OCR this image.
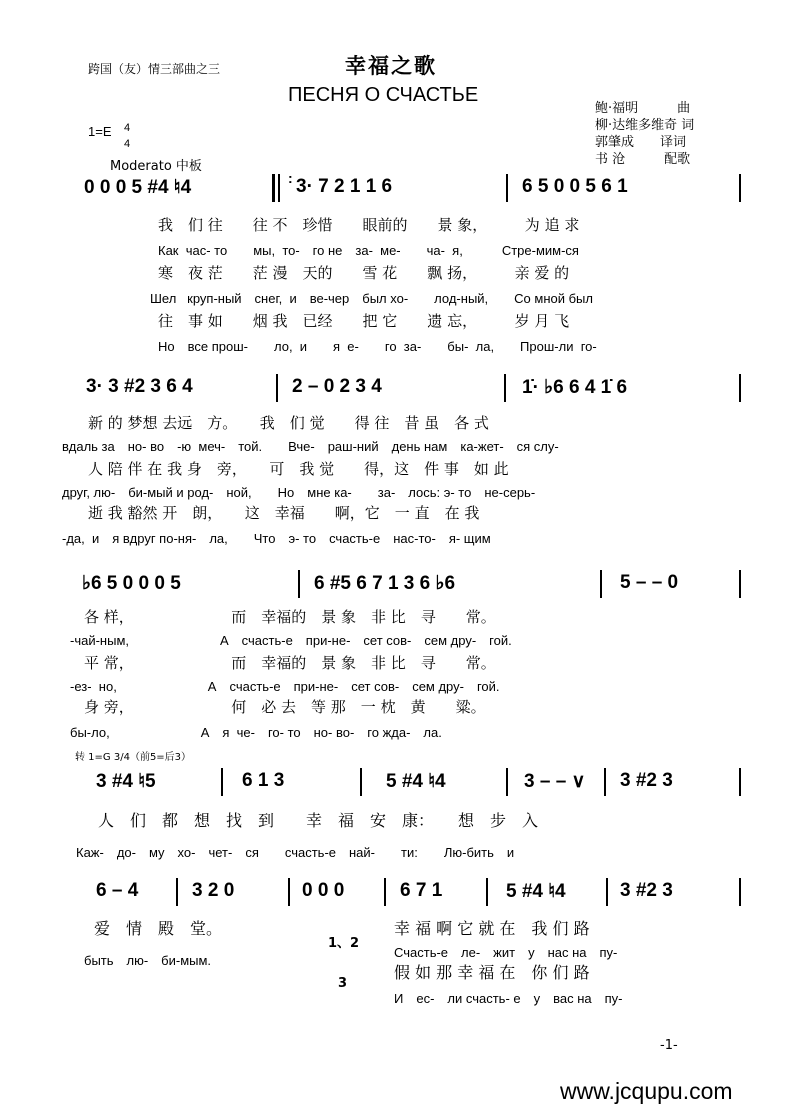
跨国（友）情三部曲之三	幸福之歌
ПЕСНЯ О СЧАСТЬЕ
鲍·福明　　　曲
柳·达维多维奇 词
郭肇成　　译词
书 沧　　　配歌
1=E 4
4
Moderato 中板
0 0 0 5 #4 ♮4	: 3· 7 2 1 1 6	6 5 0 0 5 6 1
我　们 往　　往 不　珍惜　　眼前的　　景 象，　　　为 追 求
Как  час- то　　мы,  то-　го не　за-  ме-　　ча-  я,　　　Стре-мим-ся
寒　夜 茫　　茫 漫　天的　　雪 花　　飘 扬，　　　亲 爱 的
Шел   круп-ный　снег,  и　ве-чер　был хо-　　лод-ный,　　Со мной был
往　事 如　　烟 我　已经　　把 它　　遗 忘，　　　岁 月 飞
Но　все прош-　　ло,  и　　я  е-　　го  за-　　бы-  ла,　　Прош-ли  го-
3· 3 #2 3 6 4	2 – 0 2 3 4	1̇· ♭6 6 4 1̇ 6
新 的 梦想 去远　方。　　我　们 觉　　得 往　昔 虽　各 式
вдаль за　но- во　-ю  меч-　той.　　Вче-　раш-ний　день нам　ка-жет-　ся слу-
人 陪 伴 在 我 身　旁，　　可　我 觉　　得，这　件 事　如 此
друг, лю-　би-мый и род-　ной,　　Но　мне ка-　　за-　лось: э- то　не-серь-
逝 我 豁然 开　朗，　　这　幸福　　啊，它　一 直　在 我
-да,  и　я вдруг по-ня-　ла,　　Что　э- то　счасть-е　нас-то-　я- щим
♭6 5 0 0 0 5	6 #5 6 7 1 3 6 ♭6	5 – – 0
各 样，　　　　　　　而　幸福的　景 象　非 比　寻　　常。
-чай-ным,　　　　　　　А　счасть-е　при-не-　сет сов-　сем дру-　гой.
平 常，　　　　　　　而　幸福的　景 象　非 比　寻　　常。
-ез-  но,　　　　　　　А　счасть-е　при-не-　сет сов-　сем дру-　гой.
身 旁，　　　　　　　何　必 去　等 那　一 枕　黄　　粱。
бы-ло,　　　　　　　А　я  че-　го- то　но- во-　го жда-　ла.
转 1=G 3/4（前5=后3）
3 #4 ♮5	6 1 3	5 #4 ♮4	3 – – ∨ 3 #2 3
人　们　都　想　找　到　　幸　福　安　康：　　想　步　入
Каж-　до-　му　хо-　чет-　ся　　счасть-е　най-　　ти:　　Лю-бить　и
6 – 4	3 2 0	0 0 0	6 7 1	5 #4 ♮4	3 #2 3
爱　情　殿　堂。
быть　лю-　би-мым.
1、2
3
幸 福 啊 它 就 在　我 们 路
Счасть-е　ле-　жит　у　нас на　пу-
假 如 那 幸 福 在　你 们 路
И　ес-　ли счасть- е　у　вас на　пу-
-1-
www.jcqupu.com
